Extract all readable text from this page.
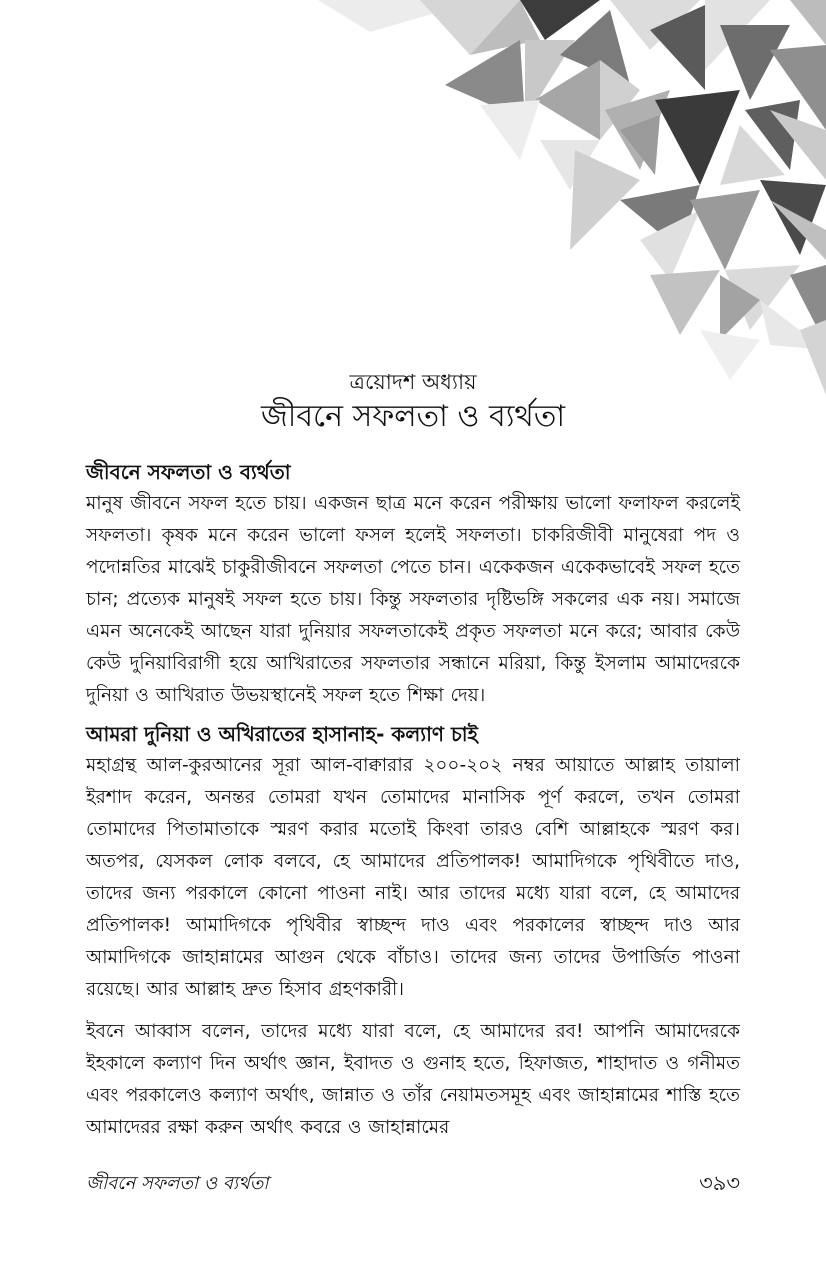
ত্রয়োদশ অধ্যায়
জীবনে সফলতা ও ব্যর্থতা
জীবনে সফলতা ও ব্যর্থতা

মানুষ জীবনে সফল হতে চায়। একজন ছাত্র মনে করেন পরীক্ষায় ভালো ফলাফল করলেই সফলতা। কৃষক মনে করেন ভালো ফসল হলেই সফলতা। চাকরিজীবী মানুষেরা পদ ও পদোন্নতির মাঝেই চাকুরীজীবনে সফলতা পেতে চান। একেকজন একেকভাবেই সফল হতে চান; প্রত্যেক মানুষই সফল হতে চায়। কিন্তু সফলতার দৃষ্টিভঙ্গি সকলের এক নয়। সমাজে এমন অনেকেই আছেন যারা দুনিয়ার সফলতাকেই প্রকৃত সফলতা মনে করে; আবার কেউ কেউ দুনিয়াবিরাগী হয়ে আখিরাতের সফলতার সন্ধানে মরিয়া, কিন্তু ইসলাম আমাদেরকে দুনিয়া ও আখিরাত উভয়স্থানেই সফল হতে শিক্ষা দেয়।

আমরা দুনিয়া ও অখিরাতের হাসানাহ- কল্যাণ চাই

মহাগ্রন্থ আল-কুরআনের সূরা আল-বাক্বারার ২০০-২০২ নম্বর আয়াতে আল্লাহ তায়ালা ইরশাদ করেন, অনন্তর তোমরা যখন তোমাদের মানাসিক পূর্ণ করলে, তখন তোমরা তোমাদের পিতামাতাকে স্মরণ করার মতোই কিংবা তারও বেশি আল্লাহকে স্মরণ কর। অতপর, যেসকল লোক বলবে, হে আমাদের প্রতিপালক! আমাদিগকে পৃথিবীতে দাও, তাদের জন্য পরকালে কোনো পাওনা নাই। আর তাদের মধ্যে যারা বলে, হে আমাদের প্রতিপালক! আমাদিগকে পৃথিবীর স্বাচ্ছন্দ দাও এবং পরকালের স্বাচ্ছন্দ দাও আর আমাদিগকে জাহান্নামের আগুন থেকে বাঁচাও। তাদের জন্য তাদের উপার্জিত পাওনা রয়েছে। আর আল্লাহ দ্রুত হিসাব গ্রহণকারী।

ইবনে আব্বাস বলেন, তাদের মধ্যে যারা বলে, হে আমাদের রব! আপনি আমাদেরকে ইহকালে কল্যাণ দিন অর্থাৎ জ্ঞান, ইবাদত ও গুনাহ হতে, হিফাজত, শাহাদাত ও গনীমত এবং পরকালেও কল্যাণ অর্থাৎ, জান্নাত ও তাঁর নেয়ামতসমূহ এবং জাহান্নামের শাস্তি হতে আমাদেরর রক্ষা করুন অর্থাৎ কবরে ও জাহান্নামের

জীবনে সফলতা ও ব্যর্থতা	৩৯৩
